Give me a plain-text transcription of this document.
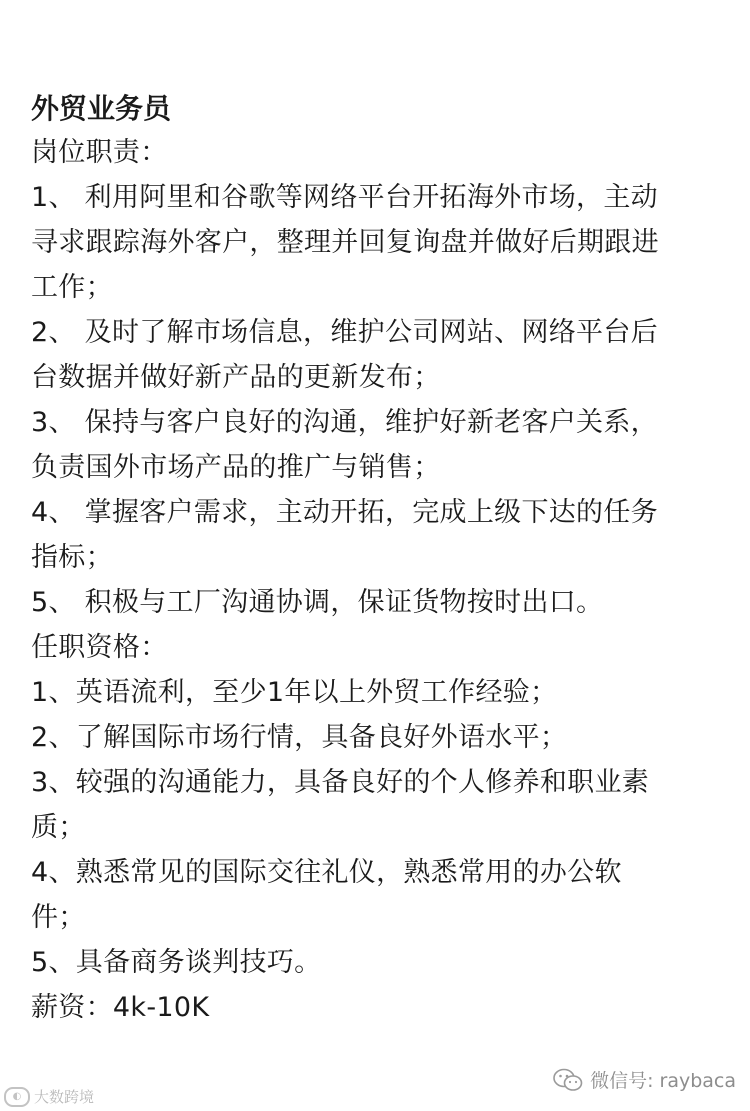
外贸业务员
岗位职责：
1、 利用阿里和谷歌等网络平台开拓海外市场，主动
寻求跟踪海外客户，整理并回复询盘并做好后期跟进
工作；
2、 及时了解市场信息，维护公司网站、网络平台后
台数据并做好新产品的更新发布；
3、 保持与客户良好的沟通，维护好新老客户关系，
负责国外市场产品的推广与销售；
4、 掌握客户需求，主动开拓，完成上级下达的任务
指标；
5、 积极与工厂沟通协调，保证货物按时出口。
任职资格：
1、英语流利，至少1年以上外贸工作经验；
2、了解国际市场行情，具备良好外语水平；
3、较强的沟通能力，具备良好的个人修养和职业素
质；
4、熟悉常见的国际交往礼仪，熟悉常用的办公软
件；
5、具备商务谈判技巧。
薪资：4k-10K
◐ 大数跨境
微信号: raybaca
